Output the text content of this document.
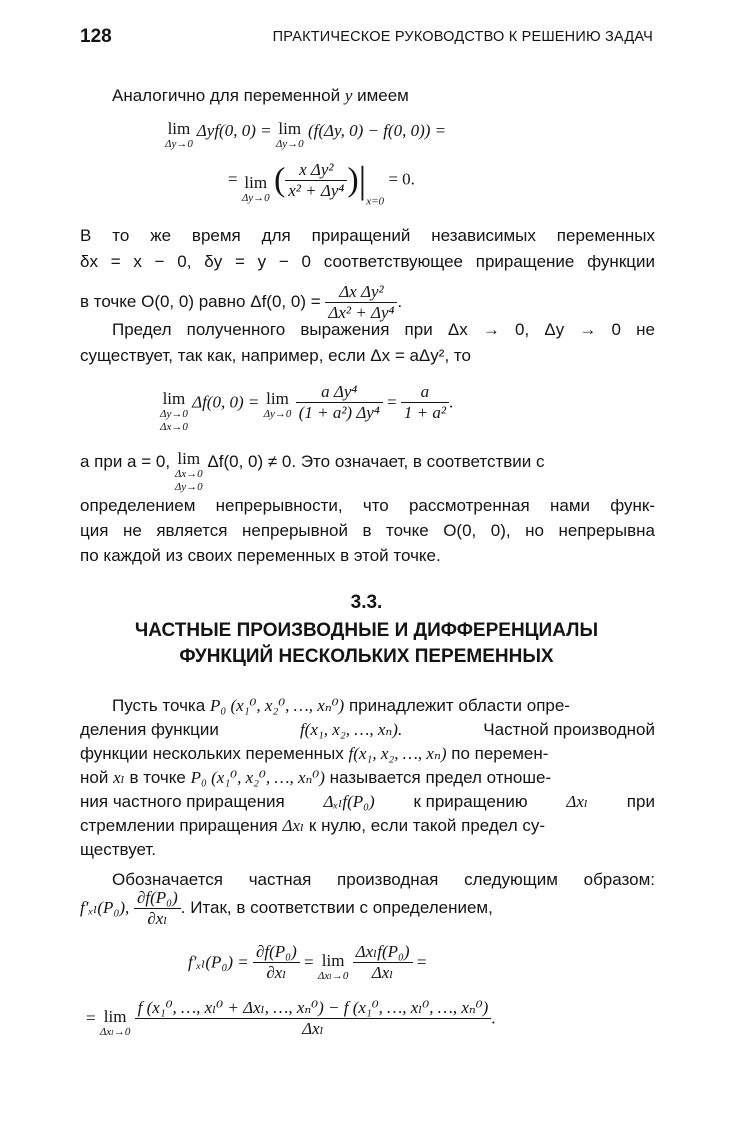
128	ПРАКТИЧЕСКОЕ РУКОВОДСТВО К РЕШЕНИЮ ЗАДАЧ
Аналогично для переменной y имеем
lim
Δy→0
Δyf(0, 0) = lim
Δy→0
(f(Δy, 0) − f(0, 0)) =
= lim
Δy→0 ( $\frac{\text{x Δy²}}{\text{x² + Δy⁴}} )|_{x=0} = 0$.
В то же время для приращений независимых переменных
δx = x − 0, δy = y − 0 соответствующее приращение функции
в точке O(0, 0) равно Δf(0, $0) = \frac{\text{Δx Δy²}}{\text{Δx² + Δy⁴}}$ .
Предел полученного выражения при Δx → 0, Δy → 0 не
существует, так как, например, если Δx = aΔy², то
lim
Δy→0
Δx→0
Δf(0, 0) = lim
Δy→0
$\frac{\text{a Δy⁴}}{\text{(1 + a²) Δy⁴}} = \frac{a}{\text{1 + a²}}$ .
а при a = 0, lim
Δx→0
Δy→0
Δf(0, 0) ≠ 0. Это означает, в соответствии с
определением непрерывности, что рассмотренная нами функ-
ция не является непрерывной в точке O(0, 0), но непрерывна
по каждой из своих переменных в этой точке.
3.3.
ЧАСТНЫЕ ПРОИЗВОДНЫЕ И ДИФФЕРЕНЦИАЛЫ
ФУНКЦИЙ НЕСКОЛЬКИХ ПЕРЕМЕННЫХ
Пусть точка P₀ (x₁⁰, x₂⁰, …, xₙ⁰) принадлежит области опре-
деления функции	f(x₁, x₂, …, xₙ).	Частной производной
функции нескольких переменных f(x₁, x₂, …, xₙ) по перемен-
ной xₗ в точке P₀ (x₁⁰, x₂⁰, …, xₙ⁰) называется предел отноше-
ния частного приращения Δₓₗf(P₀) к приращению Δxₗ при
стремлении приращения Δxₗ к нулю, если такой предел су-
ществует.
Обозначается частная производная следующим образом:
f′ₓₗ(P₀), $\frac{\text{∂f(P₀)}}{\text{∂xₗ}}$ . Итак, в соответствии с определением,
$f'_{xl}(P_0) = \frac{\text{∂f(P₀)}}{\text{∂xₗ}} = \lim$
Δxₗ→0
$\frac{\text{Δxₗf(P₀)}}{\text{Δxₗ}}$ =
= lim
Δxₗ→0
$\frac{\text{f (x₁⁰, …, xₗ⁰ + Δxₗ, …, xₙ⁰) − f (x₁⁰, …, xₗ⁰, …, xₙ⁰)}}{\text{Δxₗ}}$ .
